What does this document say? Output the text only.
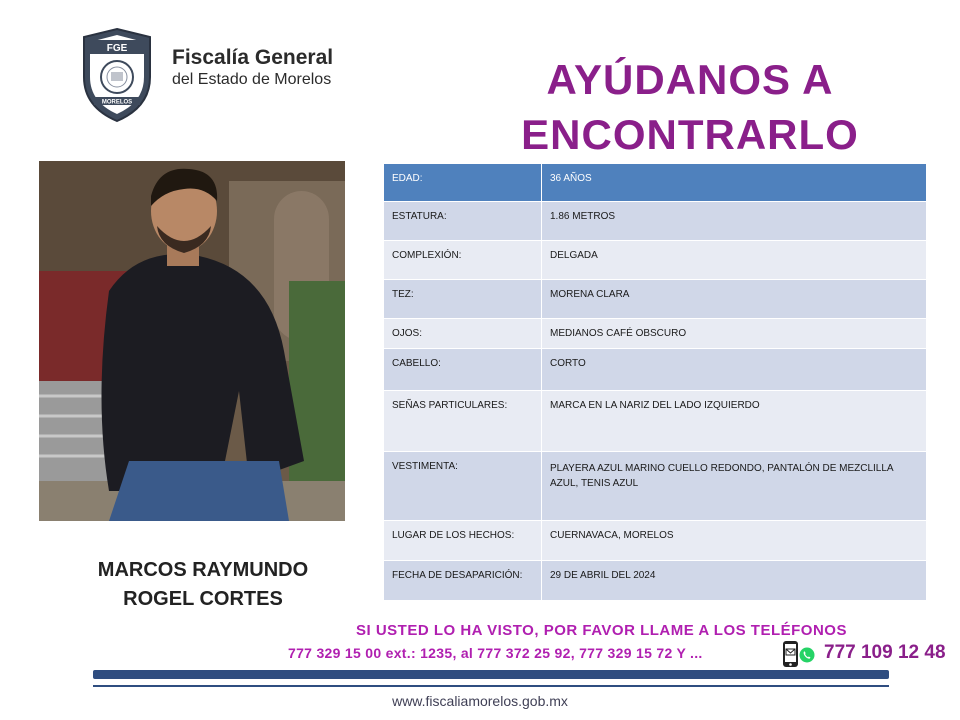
FGE
MORELOS
Fiscalía General
del Estado de Morelos	AYÚDANOS A
ENCONTRARLO
MARCOS RAYMUNDO
ROGEL CORTES
EDAD:	36 AÑOS
ESTATURA:	1.86 METROS
COMPLEXIÓN:	DELGADA
TEZ:	MORENA CLARA
OJOS:	MEDIANOS CAFÉ OBSCURO
CABELLO:	CORTO
SEÑAS PARTICULARES:	MARCA EN LA NARIZ DEL LADO IZQUIERDO
VESTIMENTA:	PLAYERA AZUL MARINO CUELLO REDONDO, PANTALÓN DE MEZCLILLA AZUL, TENIS AZUL
LUGAR DE LOS HECHOS:	CUERNAVACA, MORELOS
FECHA DE DESAPARICIÓN:	29 DE ABRIL DEL 2024
SI USTED LO HA VISTO, POR FAVOR LLAME A LOS TELÉFONOS
777 329 15 00 ext.: 1235, al 777 372 25 92, 777 329 15 72 Y ...	777 109 12 48
www.fiscaliamorelos.gob.mx
